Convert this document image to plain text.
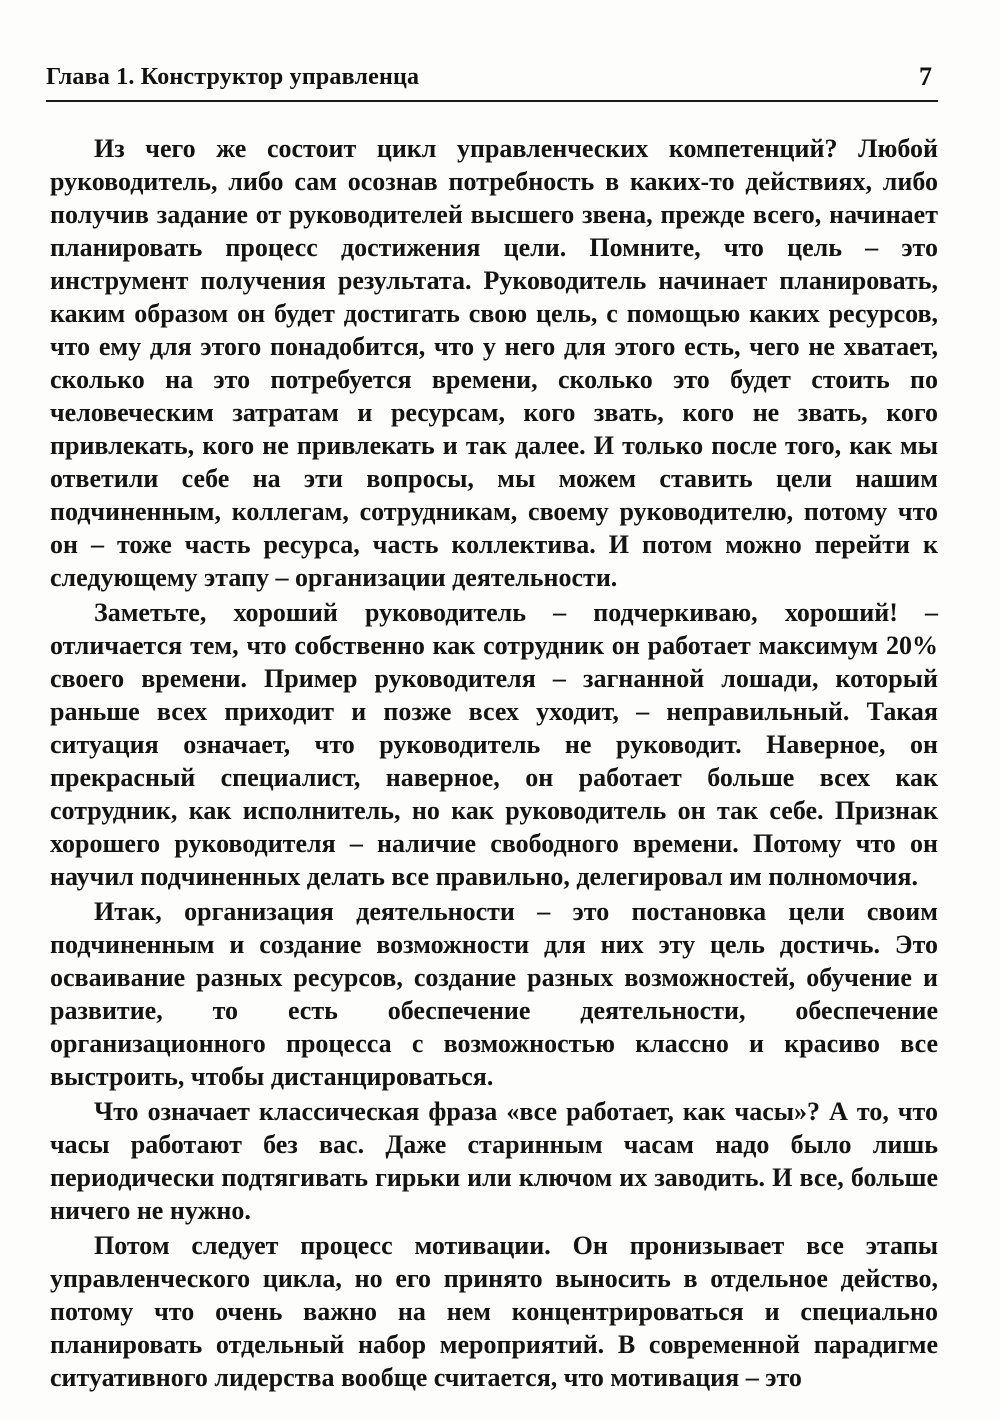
Глава 1. Конструктор управленца	7

Из чего же состоит цикл управленческих компетенций? Любой руководитель, либо сам осознав потребность в каких-то действиях, либо получив задание от руководителей высшего звена, прежде всего, начинает планировать процесс достижения цели. Помните, что цель – это инструмент получения результата. Руководитель начинает планировать, каким образом он будет достигать свою цель, с помощью каких ресурсов, что ему для этого понадобится, что у него для этого есть, чего не хватает, сколько на это потребуется времени, сколько это будет стоить по человеческим затратам и ресурсам, кого звать, кого не звать, кого привлекать, кого не привлекать и так далее. И только после того, как мы ответили себе на эти вопросы, мы можем ставить цели нашим подчиненным, коллегам, сотрудникам, своему руководителю, потому что он – тоже часть ресурса, часть коллектива. И потом можно перейти к следующему этапу – организации деятельности.

Заметьте, хороший руководитель – подчеркиваю, хороший! – отличается тем, что собственно как сотрудник он работает максимум 20% своего времени. Пример руководителя – загнанной лошади, который раньше всех приходит и позже всех уходит, – неправильный. Такая ситуация означает, что руководитель не руководит. Наверное, он прекрасный специалист, наверное, он работает больше всех как сотрудник, как исполнитель, но как руководитель он так себе. Признак хорошего руководителя – наличие свободного времени. Потому что он научил подчиненных делать все правильно, делегировал им полномочия.

Итак, организация деятельности – это постановка цели своим подчиненным и создание возможности для них эту цель достичь. Это осваивание разных ресурсов, создание разных возможностей, обучение и развитие, то есть обеспечение деятельности, обеспечение организационного процесса с возможностью классно и красиво все выстроить, чтобы дистанцироваться.

Что означает классическая фраза «все работает, как часы»? А то, что часы работают без вас. Даже старинным часам надо было лишь периодически подтягивать гирьки или ключом их заводить. И все, больше ничего не нужно.

Потом следует процесс мотивации. Он пронизывает все этапы управленческого цикла, но его принято выносить в отдельное действо, потому что очень важно на нем концентрироваться и специально планировать отдельный набор мероприятий. В современной парадигме ситуативного лидерства вообще считается, что мотивация – это
